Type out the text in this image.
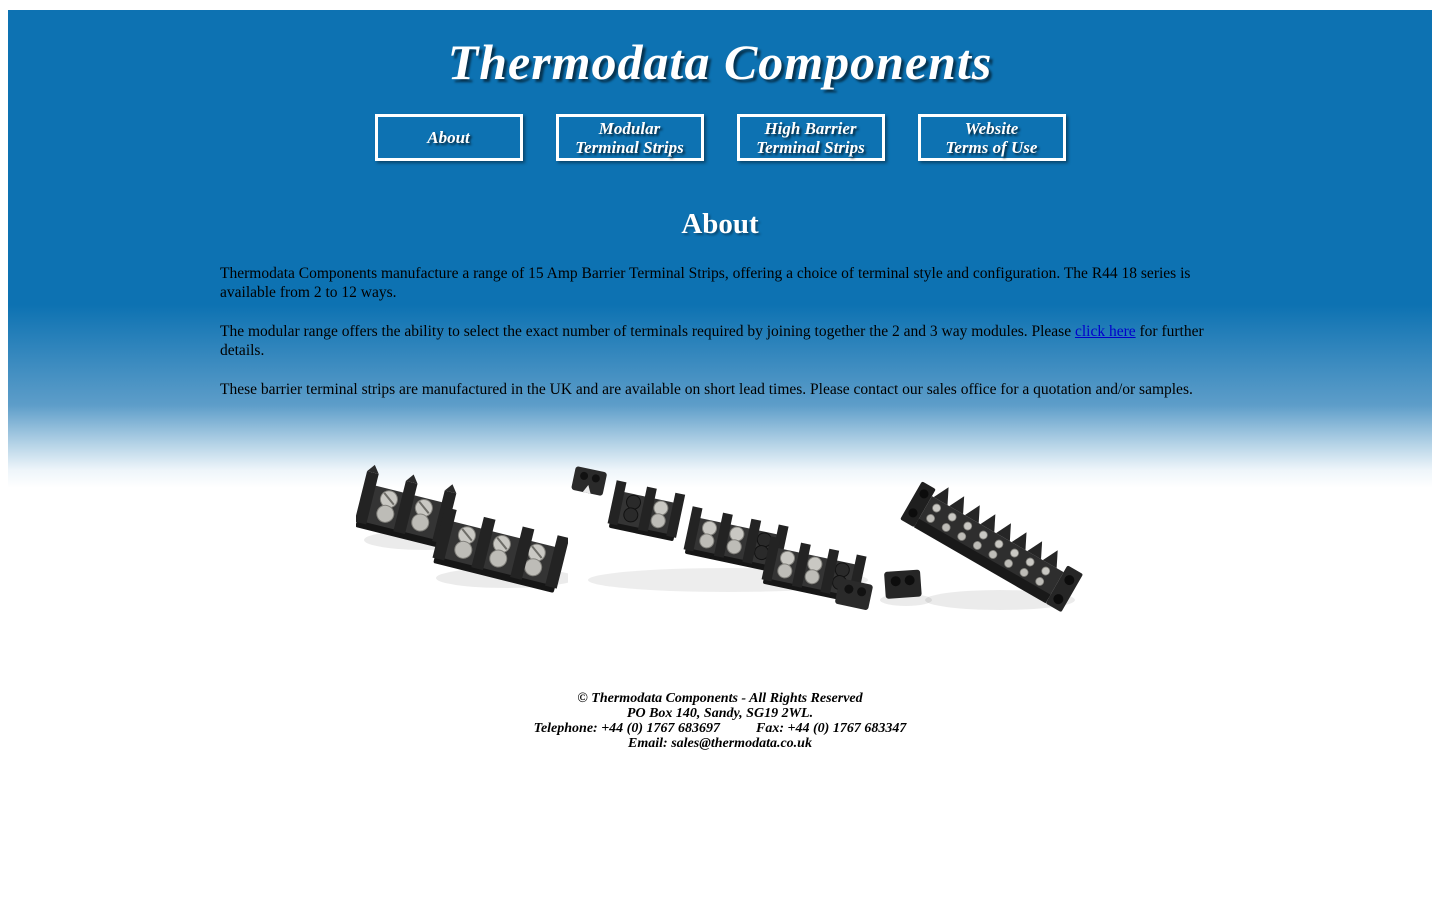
Thermodata Components
About	Modular
Terminal Strips
High Barrier
Terminal Strips
Website
Terms of Use
About

Thermodata Components manufacture a range of 15 Amp Barrier Terminal Strips, offering a choice of terminal style and configuration. The R44 18 series is available from 2 to 12 ways.

The modular range offers the ability to select the exact number of terminals required by joining together the 2 and 3 way modules. Please click here for further details.

These barrier terminal strips are manufactured in the UK and are available on short lead times. Please contact our sales office for a quotation and/or samples.

© Thermodata Components - All Rights Reserved
PO Box 140, Sandy, SG19 2WL.
Telephone: +44 (0) 1767 683697	Fax: +44 (0) 1767 683347
Email: sales@thermodata.co.uk
